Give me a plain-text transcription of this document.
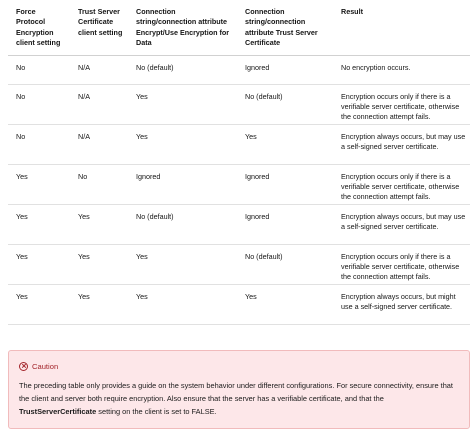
Force Protocol Encryption client setting	Trust Server Certificate client setting	Connection string/connection attribute Encrypt/Use Encryption for Data	Connection string/connection attribute Trust Server Certificate	Result
No	N/A	No (default)	Ignored	No encryption occurs.
No	N/A	Yes	No (default)	Encryption occurs only if there is a verifiable server certificate, otherwise the connection attempt fails.
No	N/A	Yes	Yes	Encryption always occurs, but may use a self-signed server certificate.
Yes	No	Ignored	Ignored	Encryption occurs only if there is a verifiable server certificate, otherwise the connection attempt fails.
Yes	Yes	No (default)	Ignored	Encryption always occurs, but may use a self-signed server certificate.
Yes	Yes	Yes	No (default)	Encryption occurs only if there is a verifiable server certificate, otherwise the connection attempt fails.
Yes	Yes	Yes	Yes	Encryption always occurs, but might use a self-signed server certificate.
Caution
The preceding table only provides a guide on the system behavior under different configurations. For secure connectivity, ensure that the client and server both require encryption. Also ensure that the server has a verifiable certificate, and that the TrustServerCertificate setting on the client is set to FALSE.
